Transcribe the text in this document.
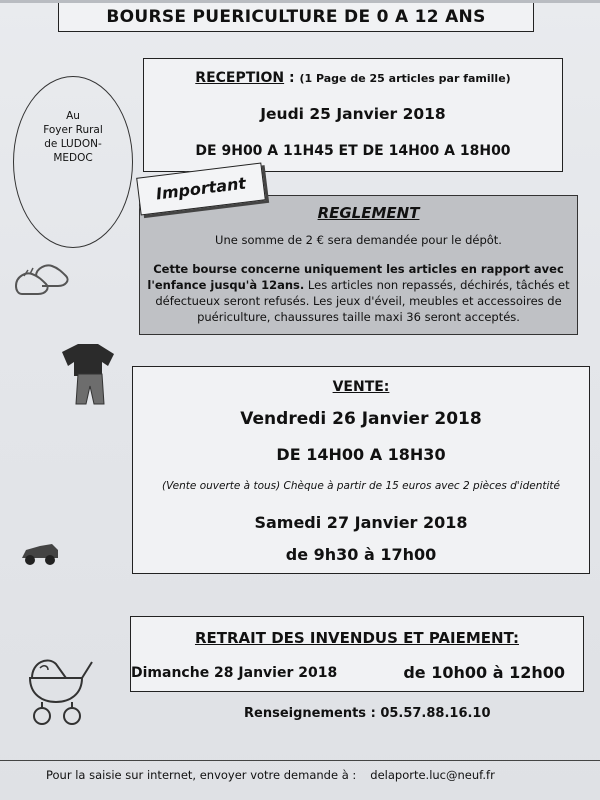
BOURSE PUERICULTURE DE 0 A 12 ANS
Au
Foyer Rural
de LUDON-
MEDOC
RECEPTION : (1 Page de 25 articles par famille)
Jeudi 25 Janvier 2018
DE 9H00 A 11H45 ET DE 14H00 A 18H00
REGLEMENT
Une somme de 2 € sera demandée pour le dépôt.
Cette bourse concerne uniquement les articles en rapport avec l'enfance jusqu'à 12ans. Les articles non repassés, déchirés, tâchés et défectueux seront refusés. Les jeux d'éveil, meubles et accessoires de puériculture, chaussures taille maxi 36 seront acceptés.
Important
VENTE:
Vendredi 26 Janvier 2018
DE 14H00 A 18H30
(Vente ouverte à tous) Chèque à partir de 15 euros avec 2 pièces d'identité
Samedi 27 Janvier 2018
de 9h30 à 17h00
RETRAIT DES INVENDUS ET PAIEMENT:
Dimanche 28 Janvier 2018	de 10h00 à 12h00
Renseignements : 05.57.88.16.10
Pour la saisie sur internet, envoyer votre demande à : delaporte.luc@neuf.fr
